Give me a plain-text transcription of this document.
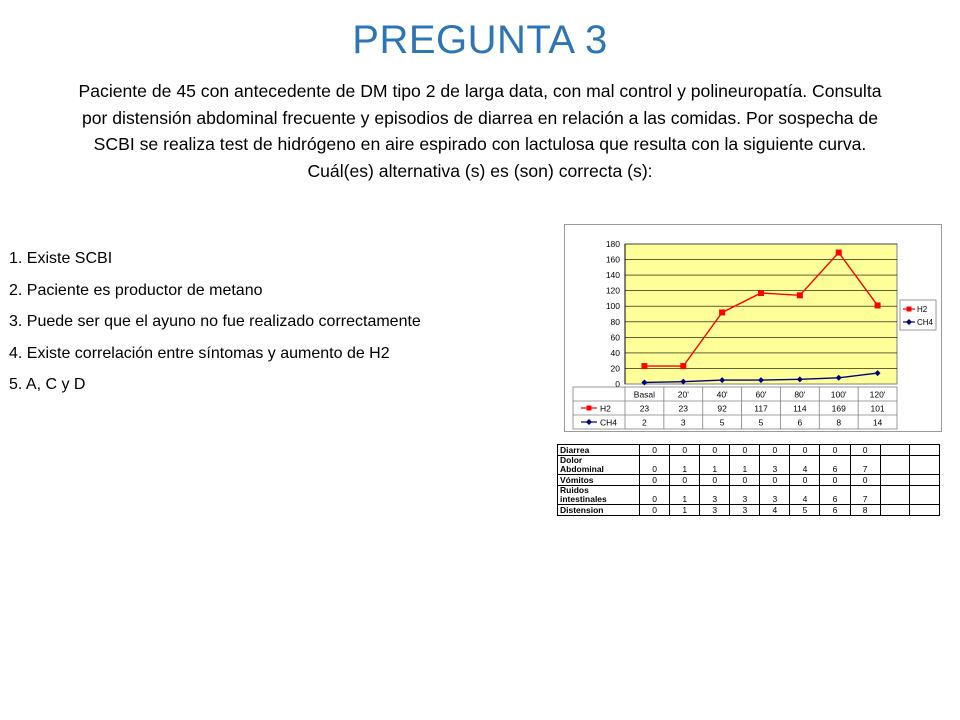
PREGUNTA 3
Paciente de 45 con antecedente de DM tipo 2 de larga data, con mal control y polineuropatía. Consulta por distensión abdominal frecuente y episodios de diarrea en relación a las comidas. Por sospecha de SCBI se realiza test de hidrógeno en aire espirado con lactulosa que resulta con la siguiente curva. Cuál(es) alternativa (s) es (son) correcta (s):
1. Existe SCBI
2. Paciente es productor de metano
3. Puede ser que el ayuno no fue realizado correctamente
4. Existe correlación entre síntomas y aumento de H2
5. A, C y D	0
20
40
60
80
100
120
140
160
180
Basal	20'	40'	60'	80'	100'	120'
H2	23	23	92	117	114	169	101
CH4	2	3	5	5	6	8	14
H2
CH4
Diarrea	0	0	0	0	0	0	0	0		
Dolor
Abdominal	0	1	1	1	3	4	6	7		
Vómitos	0	0	0	0	0	0	0	0		
Ruidos
intestinales	0	1	3	3	3	4	6	7		
Distension	0	1	3	3	4	5	6	8		
